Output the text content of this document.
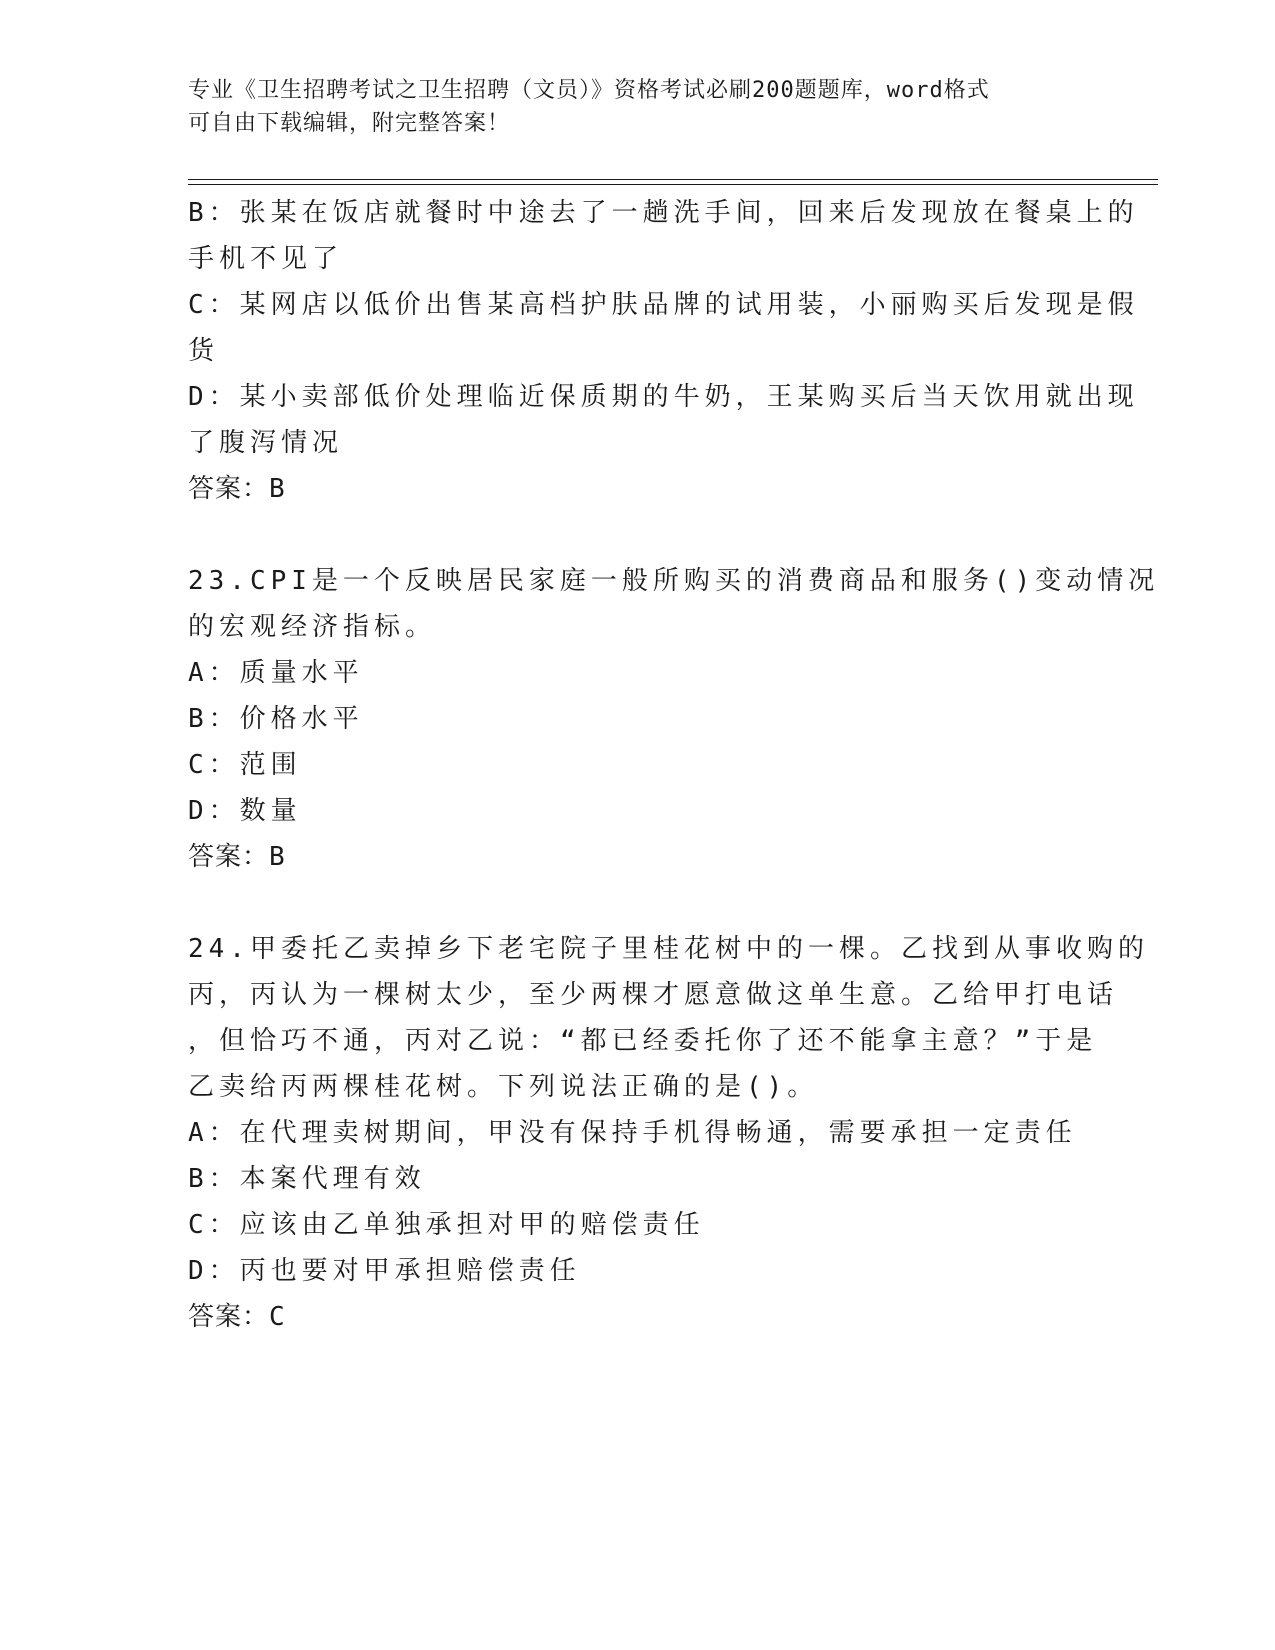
专业《卫生招聘考试之卫生招聘（文员）》资格考试必刷200题题库，word格式
可自由下载编辑，附完整答案！
B：张某在饭店就餐时中途去了一趟洗手间，回来后发现放在餐桌上的
手机不见了
C：某网店以低价出售某高档护肤品牌的试用装，小丽购买后发现是假
货
D：某小卖部低价处理临近保质期的牛奶，王某购买后当天饮用就出现
了腹泻情况
答案：B
23.CPI是一个反映居民家庭一般所购买的消费商品和服务()变动情况
的宏观经济指标。
A：质量水平
B：价格水平
C：范围
D：数量
答案：B
24.甲委托乙卖掉乡下老宅院子里桂花树中的一棵。乙找到从事收购的
丙，丙认为一棵树太少，至少两棵才愿意做这单生意。乙给甲打电话
，但恰巧不通，丙对乙说：“都已经委托你了还不能拿主意？”于是
乙卖给丙两棵桂花树。下列说法正确的是()。
A：在代理卖树期间，甲没有保持手机得畅通，需要承担一定责任
B：本案代理有效
C：应该由乙单独承担对甲的赔偿责任
D：丙也要对甲承担赔偿责任
答案：C
